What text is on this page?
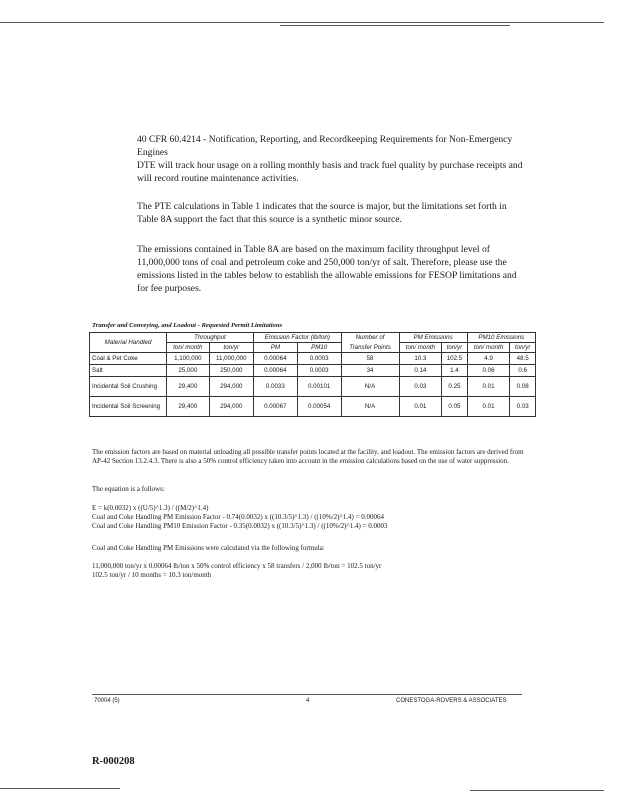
40 CFR 60.4214 - Notification, Reporting, and Recordkeeping Requirements for Non-Emergency Engines
DTE will track hour usage on a rolling monthly basis and track fuel quality by purchase receipts and will record routine maintenance activities.
The PTE calculations in Table 1 indicates that the source is major, but the limitations set forth in Table 8A support the fact that this source is a synthetic minor source.
The emissions contained in Table 8A are based on the maximum facility throughput level of 11,000,000 tons of coal and petroleum coke and 250,000 ton/yr of salt. Therefore, please use the emissions listed in the tables below to establish the allowable emissions for FESOP limitations and for fee purposes.
Transfer and Conveying, and Loadout - Requested Permit Limitations
Material Handled	Throughput		Emission Factor (lb/ton)		Number of	PM Emissions		PM10 Emissions	
	ton/ month	ton/yr	PM	PM10	Transfer Points	ton/ month	ton/yr	ton/ month	ton/yr
Coal & Pet Coke	1,100,000	11,000,000	0.00064	0.0003	58	10.3	102.5	4.9	48.5
Salt	25,000	250,000	0.00064	0.0003	34	0.14	1.4	0.06	0.6
Incidental Soil Crushing	29,400	294,000	0.0033	0.00101	N/A	0.03	0.25	0.01	0.08
Incidental Soil Screening	29,400	294,000	0.00067	0.00054	N/A	0.01	0.05	0.01	0.03
The emission factors are based on material unloading all possible transfer points located at the facility, and loadout. The emission factors are derived from AP-42 Section 13.2.4.3. There is also a 50% control efficiency taken into account in the emission calculations based on the use of water suppression.
The equation is a follows:
E = k(0.0032) x ((U/5)^1.3) / ((M/2)^1.4)
Coal and Coke Handling PM Emission Factor - 0.74(0.0032) x ((10.3/5)^1.3) / ((10%/2)^1.4) = 0.00064
Coal and Coke Handling PM10 Emission Factor - 0.35(0.0032) x ((10.3/5)^1.3) / ((10%/2)^1.4) = 0.0003
Coal and Coke Handling PM Emissions were calculated via the following formula:
11,000,000 ton/yr x 0.00064 lb/ton x 50% control efficiency x 58 transfers / 2,000 lb/ton = 102.5 ton/yr
102.5 ton/yr / 10 months = 10.3 ton/month
70004 (5)	4	CONESTOGA-ROVERS & ASSOCIATES
R-000208
